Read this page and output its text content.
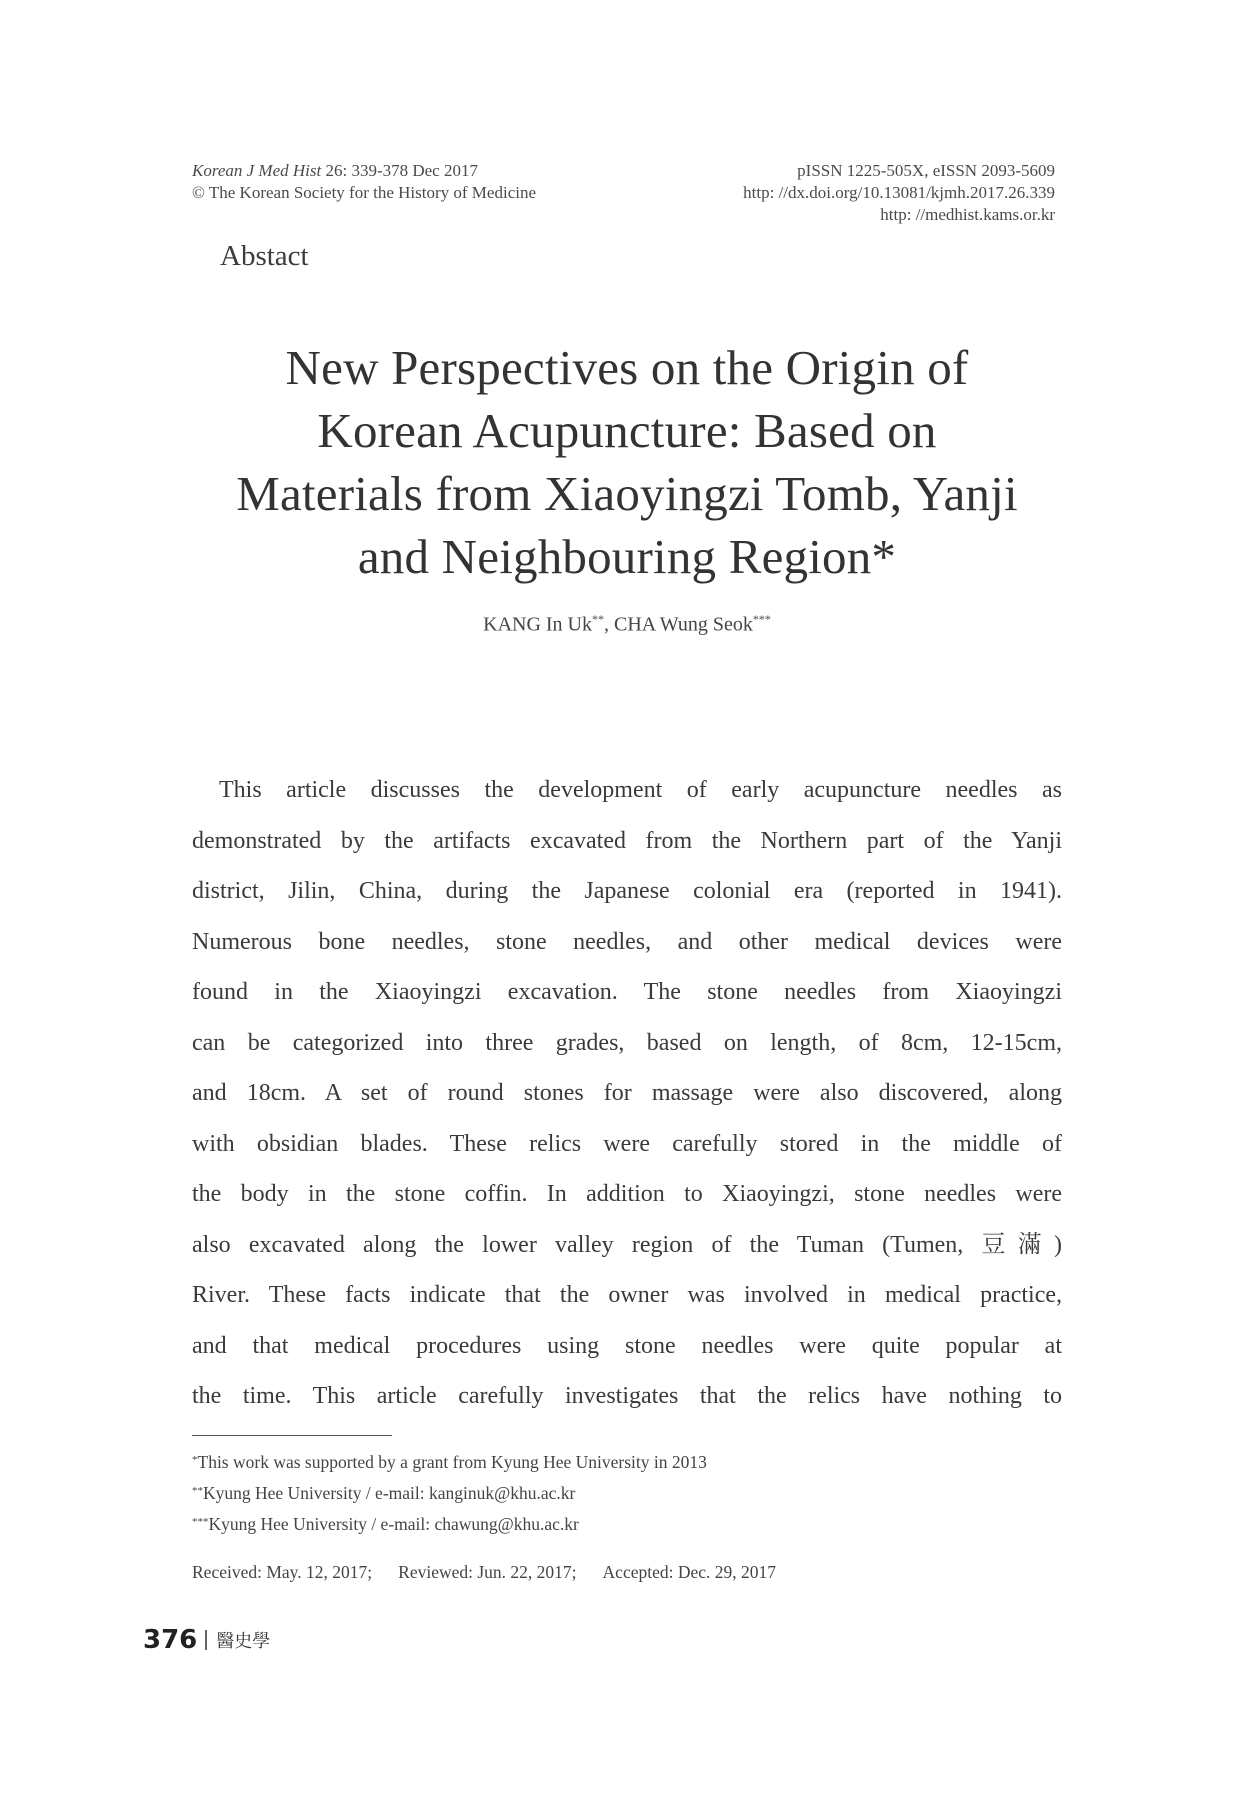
Korean J Med Hist 26: 339-378 Dec 2017
© The Korean Society for the History of Medicine
pISSN 1225-505X, eISSN 2093-5609
http: //dx.doi.org/10.13081/kjmh.2017.26.339
http: //medhist.kams.or.kr
Abstact
New Perspectives on the Origin of
Korean Acupuncture: Based on
Materials from Xiaoyingzi Tomb, Yanji
and Neighbouring Region*
KANG In Uk**, CHA Wung Seok***
This article discusses the development of early acupuncture needles as
demonstrated by the artifacts excavated from the Northern part of the Yanji
district, Jilin, China, during the Japanese colonial era (reported in 1941).
Numerous bone needles, stone needles, and other medical devices were
found in the Xiaoyingzi excavation. The stone needles from Xiaoyingzi
can be categorized into three grades, based on length, of 8cm, 12-15cm,
and 18cm. A set of round stones for massage were also discovered, along
with obsidian blades. These relics were carefully stored in the middle of
the body in the stone coffin. In addition to Xiaoyingzi, stone needles were
also excavated along the lower valley region of the Tuman (Tumen, 豆滿)
River. These facts indicate that the owner was involved in medical practice,
and that medical procedures using stone needles were quite popular at
the time. This article carefully investigates that the relics have nothing to
*This work was supported by a grant from Kyung Hee University in 2013
**Kyung Hee University / e-mail: kanginuk@khu.ac.kr
***Kyung Hee University / e-mail: chawung@khu.ac.kr
Received: May. 12, 2017; Reviewed: Jun. 22, 2017; Accepted: Dec. 29, 2017
376 醫史學
